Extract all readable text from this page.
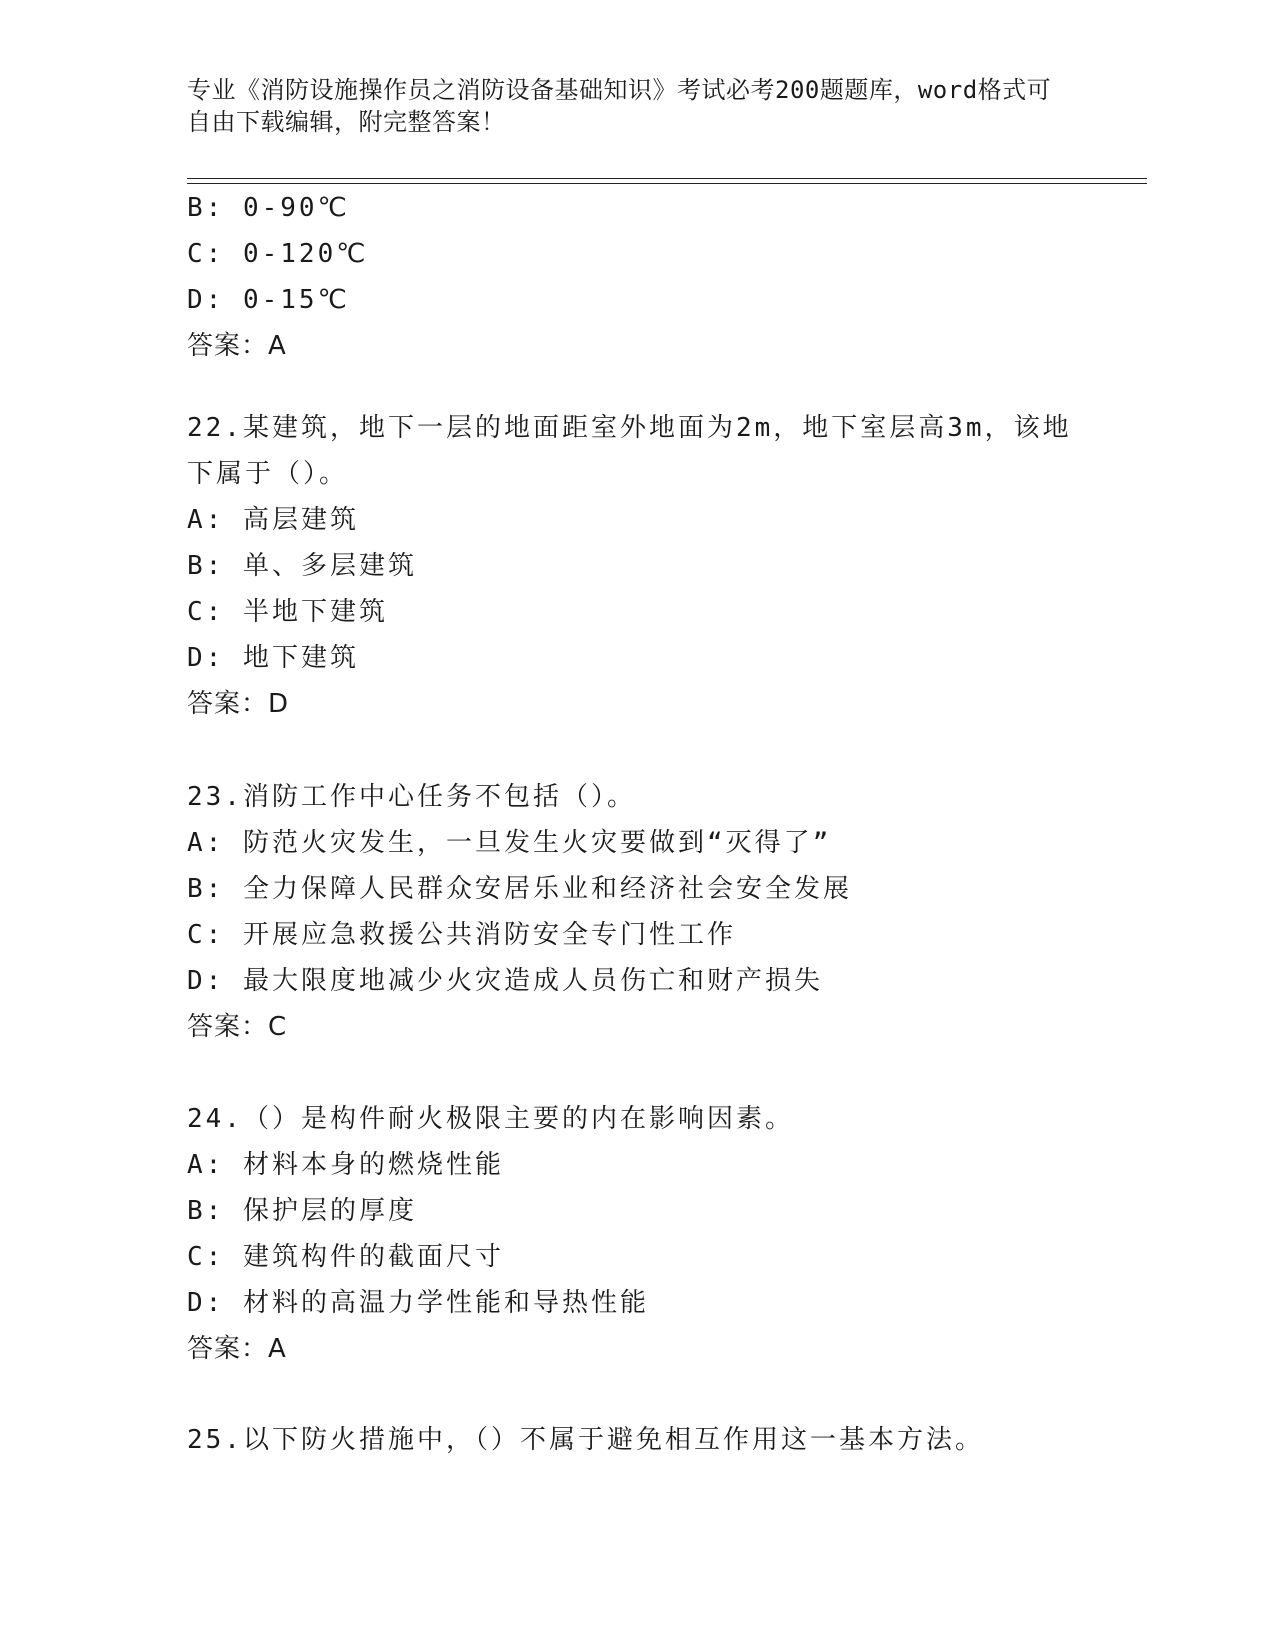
专业《消防设施操作员之消防设备基础知识》考试必考200题题库，word格式可
自由下载编辑，附完整答案！
B: 0-90℃
C: 0-120℃
D: 0-15℃
答案：A
22.某建筑，地下一层的地面距室外地面为2m，地下室层高3m，该地
下属于（）。
A: 高层建筑
B: 单、多层建筑
C: 半地下建筑
D: 地下建筑
答案：D
23.消防工作中心任务不包括（）。
A: 防范火灾发生，一旦发生火灾要做到“灭得了”
B: 全力保障人民群众安居乐业和经济社会安全发展
C: 开展应急救援公共消防安全专门性工作
D: 最大限度地减少火灾造成人员伤亡和财产损失
答案：C
24.（）是构件耐火极限主要的内在影响因素。
A: 材料本身的燃烧性能
B: 保护层的厚度
C: 建筑构件的截面尺寸
D: 材料的高温力学性能和导热性能
答案：A
25.以下防火措施中，（）不属于避免相互作用这一基本方法。
